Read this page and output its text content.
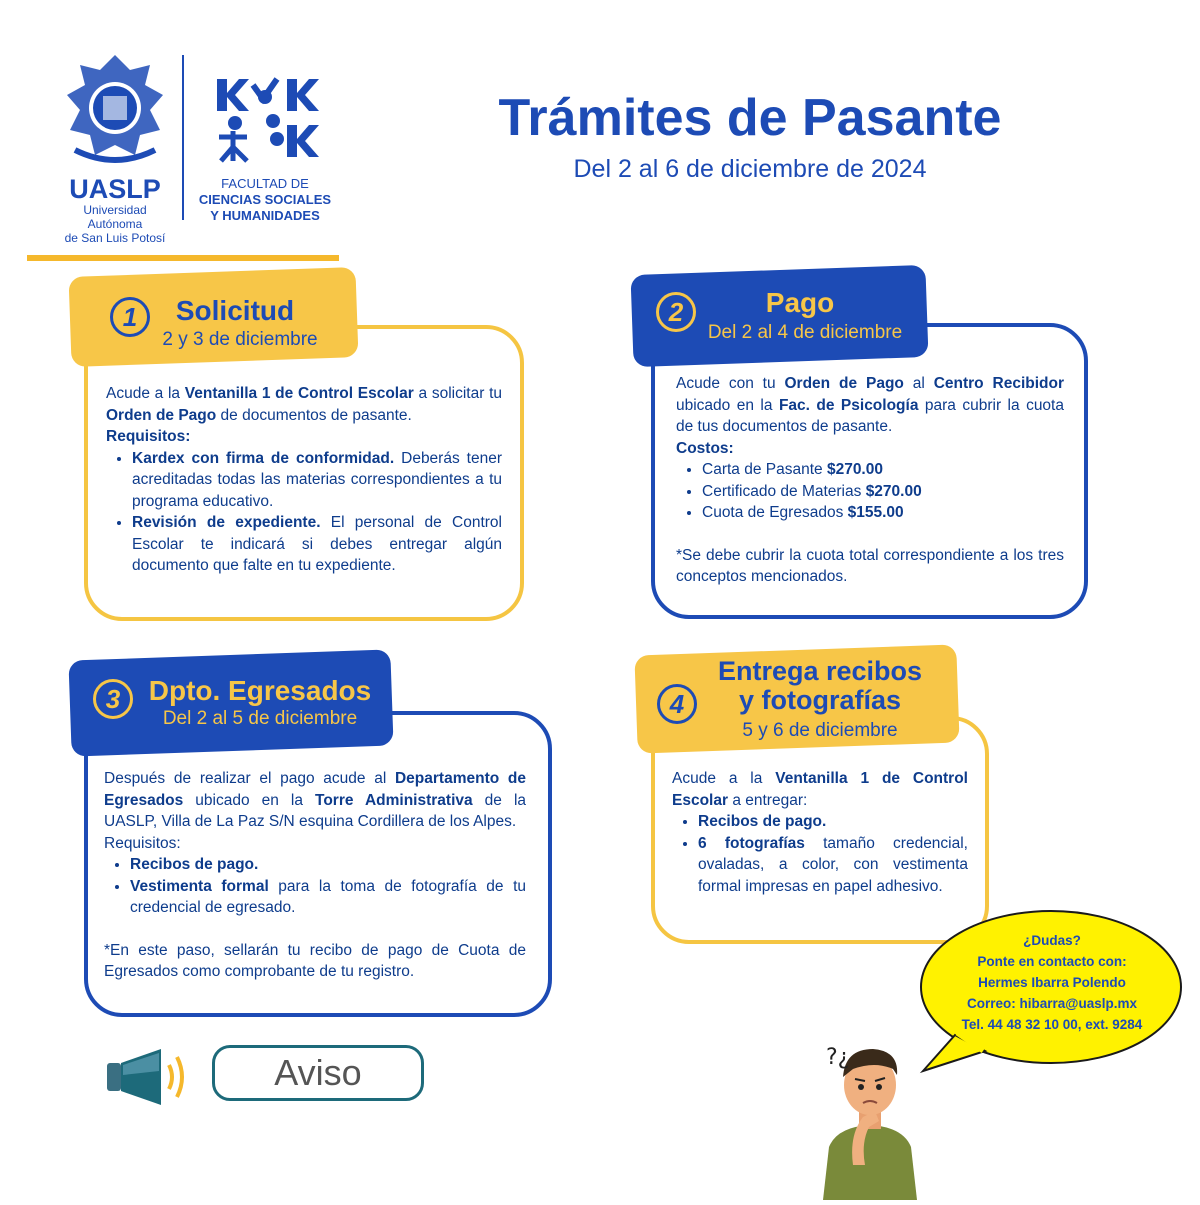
UASLP
Universidad Autónoma
de San Luis Potosí
FACULTAD DE
CIENCIAS SOCIALES
Y HUMANIDADES
Trámites de Pasante
Del 2 al 6 de diciembre de 2024
1	Solicitud
2 y 3 de diciembre
Acude a la Ventanilla 1 de Control Escolar a solicitar tu Orden de Pago de documentos de pasante.
Requisitos:
• Kardex con firma de conformidad. Deberás tener acreditadas todas las materias correspondientes a tu programa educativo.
• Revisión de expediente. El personal de Control Escolar te indicará si debes entregar algún documento que falte en tu expediente.
2	Pago
Del 2 al 4 de diciembre
Acude con tu Orden de Pago al Centro Recibidor ubicado en la Fac. de Psicología para cubrir la cuota de tus documentos de pasante.
Costos:
• Carta de Pasante $270.00
• Certificado de Materias $270.00
• Cuota de Egresados $155.00
*Se debe cubrir la cuota total correspondiente a los tres conceptos mencionados.
3	Dpto. Egresados
Del 2 al 5 de diciembre
Después de realizar el pago acude al Departamento de Egresados ubicado en la Torre Administrativa de la UASLP, Villa de La Paz S/N esquina Cordillera de los Alpes.
Requisitos:
• Recibos de pago.
• Vestimenta formal para la toma de fotografía de tu credencial de egresado.
*En este paso, sellarán tu recibo de pago de Cuota de Egresados como comprobante de tu registro.
4
Entrega recibos
y fotografías
5 y 6 de diciembre
Acude a la Ventanilla 1 de Control Escolar a entregar:
• Recibos de pago.
• 6 fotografías tamaño credencial, ovaladas, a color, con vestimenta formal impresas en papel adhesivo.
Aviso
¿Dudas?
Ponte en contacto con:
Hermes Ibarra Polendo
Correo: hibarra@uaslp.mx
Tel. 44 48 32 10 00, ext. 9284
?¿
